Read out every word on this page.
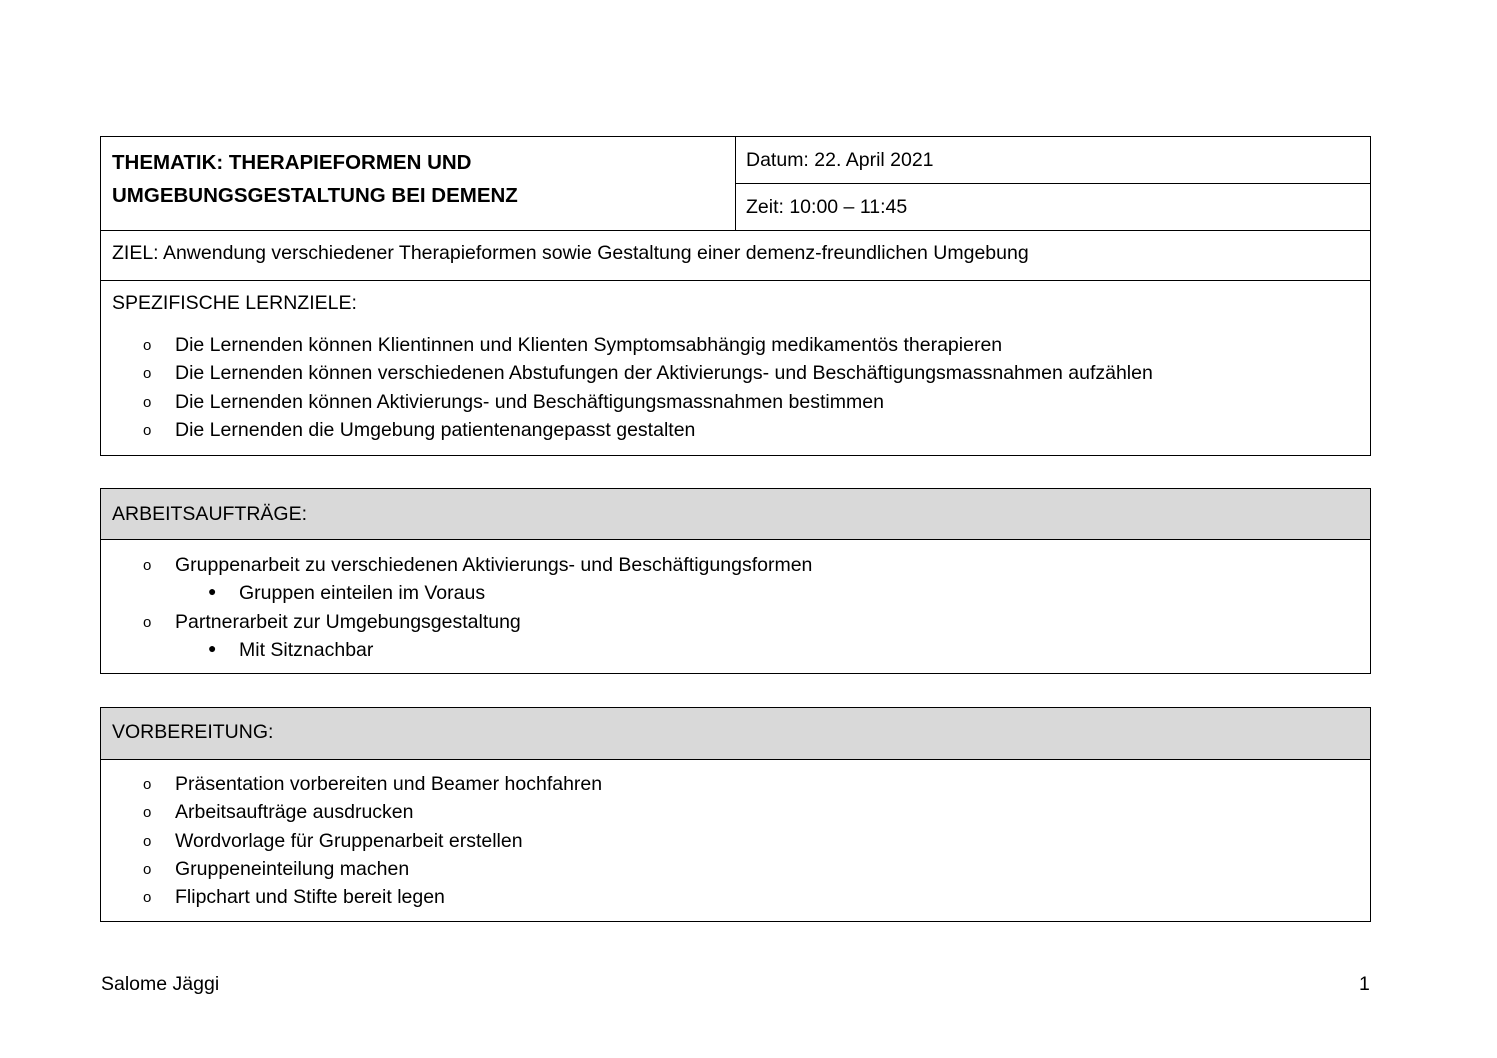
THEMATIK: THERAPIEFORMEN UND
UMGEBUNGSGESTALTUNG BEI DEMENZ
Datum: 22. April 2021
Zeit: 10:00 – 11:45
ZIEL: Anwendung verschiedener Therapieformen sowie Gestaltung einer demenz-freundlichen Umgebung
SPEZIFISCHE LERNZIELE:
o Die Lernenden können Klientinnen und Klienten Symptomsabhängig medikamentös therapieren
o Die Lernenden können verschiedenen Abstufungen der Aktivierungs- und Beschäftigungsmassnahmen aufzählen
o Die Lernenden können Aktivierungs- und Beschäftigungsmassnahmen bestimmen
o Die Lernenden die Umgebung patientenangepasst gestalten
ARBEITSAUFTRÄGE:
o Gruppenarbeit zu verschiedenen Aktivierungs- und Beschäftigungsformen
● Gruppen einteilen im Voraus
o Partnerarbeit zur Umgebungsgestaltung
● Mit Sitznachbar
VORBEREITUNG:
o Präsentation vorbereiten und Beamer hochfahren
o Arbeitsaufträge ausdrucken
o Wordvorlage für Gruppenarbeit erstellen
o Gruppeneinteilung machen
o Flipchart und Stifte bereit legen
Salome Jäggi	1
